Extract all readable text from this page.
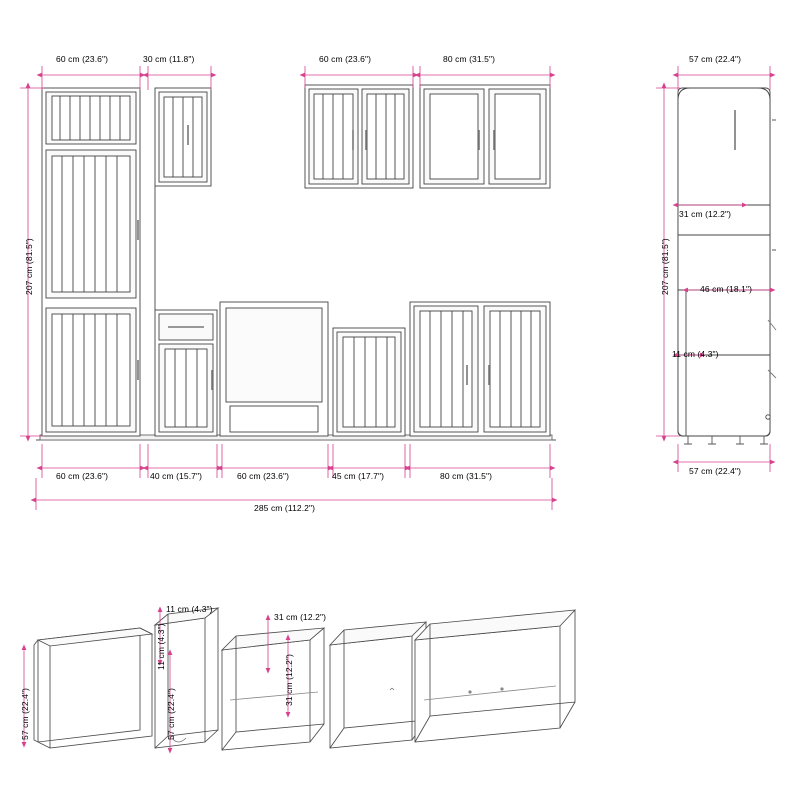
60 cm (23.6")	30 cm (11.8")	60 cm (23.6")	80 cm (31.5")
207 cm (81.5")
60 cm (23.6")	40 cm (15.7")	60 cm (23.6")	45 cm (17.7")	80 cm (31.5")
285 cm (112.2")
57 cm (22.4")
207 cm (81.5")
31 cm (12.2")
46 cm (18.1")
11 cm (4.3")
57 cm (22.4")
57 cm (22.4")
11 cm (4.3")
11 cm (4.3")
57 cm (22.4")
31 cm (12.2")
31 cm (12.2")
